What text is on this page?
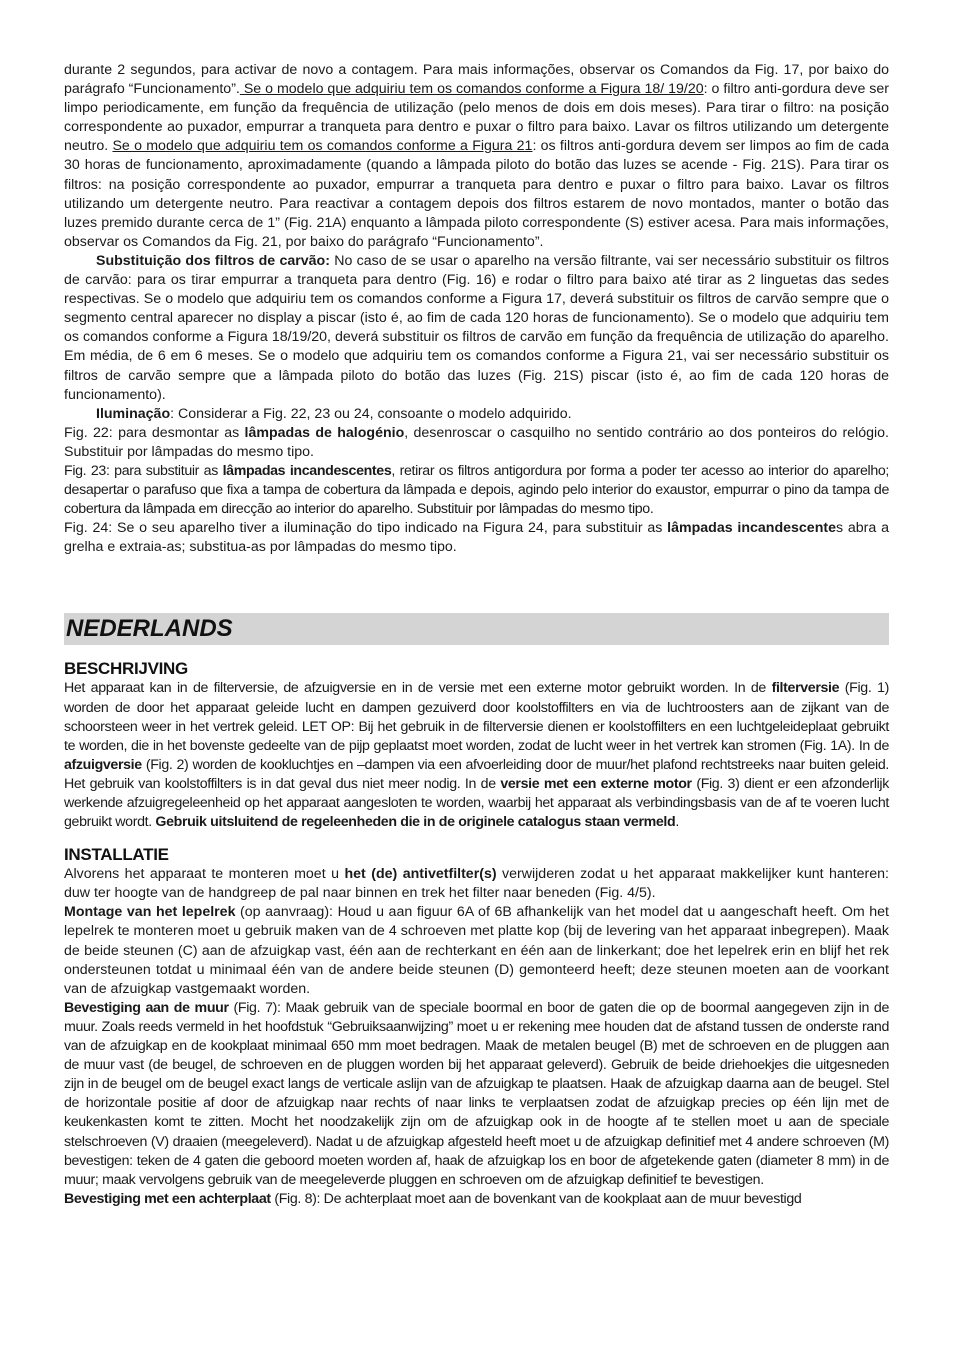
durante 2 segundos, para activar de novo a contagem. Para mais informações, observar os Comandos da Fig. 17, por baixo do parágrafo “Funcionamento”. Se o modelo que adquiriu tem os comandos conforme a Figura 18/ 19/20: o filtro anti-gordura deve ser limpo periodicamente, em função da frequência de utilização (pelo menos de dois em dois meses). Para tirar o filtro: na posição correspondente ao puxador, empurrar a tranqueta para dentro e puxar o filtro para baixo. Lavar os filtros utilizando um detergente neutro. Se o modelo que adquiriu tem os comandos conforme a Figura 21: os filtros anti-gordura devem ser limpos ao fim de cada 30 horas de funcionamento, aproximadamente (quando a lâmpada piloto do botão das luzes se acende - Fig. 21S). Para tirar os filtros: na posição correspondente ao puxador, empurrar a tranqueta para dentro e puxar o filtro para baixo. Lavar os filtros utilizando um detergente neutro. Para reactivar a contagem depois dos filtros estarem de novo montados, manter o botão das luzes premido durante cerca de 1” (Fig. 21A) enquanto a lâmpada piloto correspondente (S) estiver acesa. Para mais informações, observar os Comandos da Fig. 21, por baixo do parágrafo “Funcionamento”.

Substituição dos filtros de carvão: No caso de se usar o aparelho na versão filtrante, vai ser necessário substituir os filtros de carvão: para os tirar empurrar a tranqueta para dentro (Fig. 16) e rodar o filtro para baixo até tirar as 2 linguetas das sedes respectivas. Se o modelo que adquiriu tem os comandos conforme a Figura 17, deverá substituir os filtros de carvão sempre que o segmento central aparecer no display a piscar (isto é, ao fim de cada 120 horas de funcionamento). Se o modelo que adquiriu tem os comandos conforme a Figura 18/19/20, deverá substituir os filtros de carvão em função da frequência de utilização do aparelho. Em média, de 6 em 6 meses. Se o modelo que adquiriu tem os comandos conforme a Figura 21, vai ser necessário substituir os filtros de carvão sempre que a lâmpada piloto do botão das luzes (Fig. 21S) piscar (isto é, ao fim de cada 120 horas de funcionamento).

Iluminação: Considerar a Fig. 22, 23 ou 24, consoante o modelo adquirido.

Fig. 22: para desmontar as lâmpadas de halogénio, desenroscar o casquilho no sentido contrário ao dos ponteiros do relógio. Substituir por lâmpadas do mesmo tipo.

Fig. 23: para substituir as lâmpadas incandescentes, retirar os filtros antigordura por forma a poder ter acesso ao interior do aparelho; desapertar o parafuso que fixa a tampa de cobertura da lâmpada e depois, agindo pelo interior do exaustor, empurrar o pino da tampa de cobertura da lâmpada em direcção ao interior do aparelho. Substituir por lâmpadas do mesmo tipo.

Fig. 24: Se o seu aparelho tiver a iluminação do tipo indicado na Figura 24, para substituir as lâmpadas incandescentes abra a grelha e extraia-as; substitua-as por lâmpadas do mesmo tipo.

NEDERLANDS
BESCHRIJVING

Het apparaat kan in de filterversie, de afzuigversie en in de versie met een externe motor gebruikt worden. In de filterversie (Fig. 1) worden de door het apparaat geleide lucht en dampen gezuiverd door koolstoffilters en via de luchtroosters aan de zijkant van de schoorsteen weer in het vertrek geleid. LET OP: Bij het gebruik in de filterversie dienen er koolstoffilters en een luchtgeleideplaat gebruikt te worden, die in het bovenste gedeelte van de pijp geplaatst moet worden, zodat de lucht weer in het vertrek kan stromen (Fig. 1A). In de afzuigversie (Fig. 2) worden de kookluchtjes en –dampen via een afvoerleiding door de muur/het plafond rechtstreeks naar buiten geleid. Het gebruik van koolstoffilters is in dat geval dus niet meer nodig. In de versie met een externe motor (Fig. 3) dient er een afzonderlijk werkende afzuigregeleenheid op het apparaat aangesloten te worden, waarbij het apparaat als verbindingsbasis van de af te voeren lucht gebruikt wordt. Gebruik uitsluitend de regeleenheden die in de originele catalogus staan vermeld.

INSTALLATIE

Alvorens het apparaat te monteren moet u het (de) antivetfilter(s) verwijderen zodat u het apparaat makkelijker kunt hanteren: duw ter hoogte van de handgreep de pal naar binnen en trek het filter naar beneden (Fig. 4/5).

Montage van het lepelrek (op aanvraag): Houd u aan figuur 6A of 6B afhankelijk van het model dat u aangeschaft heeft. Om het lepelrek te monteren moet u gebruik maken van de 4 schroeven met platte kop (bij de levering van het apparaat inbegrepen). Maak de beide steunen (C) aan de afzuigkap vast, één aan de rechterkant en één aan de linkerkant; doe het lepelrek erin en blijf het rek ondersteunen totdat u minimaal één van de andere beide steunen (D) gemonteerd heeft; deze steunen moeten aan de voorkant van de afzuigkap vastgemaakt worden.

Bevestiging aan de muur (Fig. 7): Maak gebruik van de speciale boormal en boor de gaten die op de boormal aangegeven zijn in de muur. Zoals reeds vermeld in het hoofdstuk “Gebruiksaanwijzing” moet u er rekening mee houden dat de afstand tussen de onderste rand van de afzuigkap en de kookplaat minimaal 650 mm moet bedragen. Maak de metalen beugel (B) met de schroeven en de pluggen aan de muur vast (de beugel, de schroeven en de pluggen worden bij het apparaat geleverd). Gebruik de beide driehoekjes die uitgesneden zijn in de beugel om de beugel exact langs de verticale aslijn van de afzuigkap te plaatsen. Haak de afzuigkap daarna aan de beugel. Stel de horizontale positie af door de afzuigkap naar rechts of naar links te verplaatsen zodat de afzuigkap precies op één lijn met de keukenkasten komt te zitten. Mocht het noodzakelijk zijn om de afzuigkap ook in de hoogte af te stellen moet u aan de speciale stelschroeven (V) draaien (meegeleverd). Nadat u de afzuigkap afgesteld heeft moet u de afzuigkap definitief met 4 andere schroeven (M) bevestigen: teken de 4 gaten die geboord moeten worden af, haak de afzuigkap los en boor de afgetekende gaten (diameter 8 mm) in de muur; maak vervolgens gebruik van de meegeleverde pluggen en schroeven om de afzuigkap definitief te bevestigen.

Bevestiging met een achterplaat (Fig. 8): De achterplaat moet aan de bovenkant van de kookplaat aan de muur bevestigd
